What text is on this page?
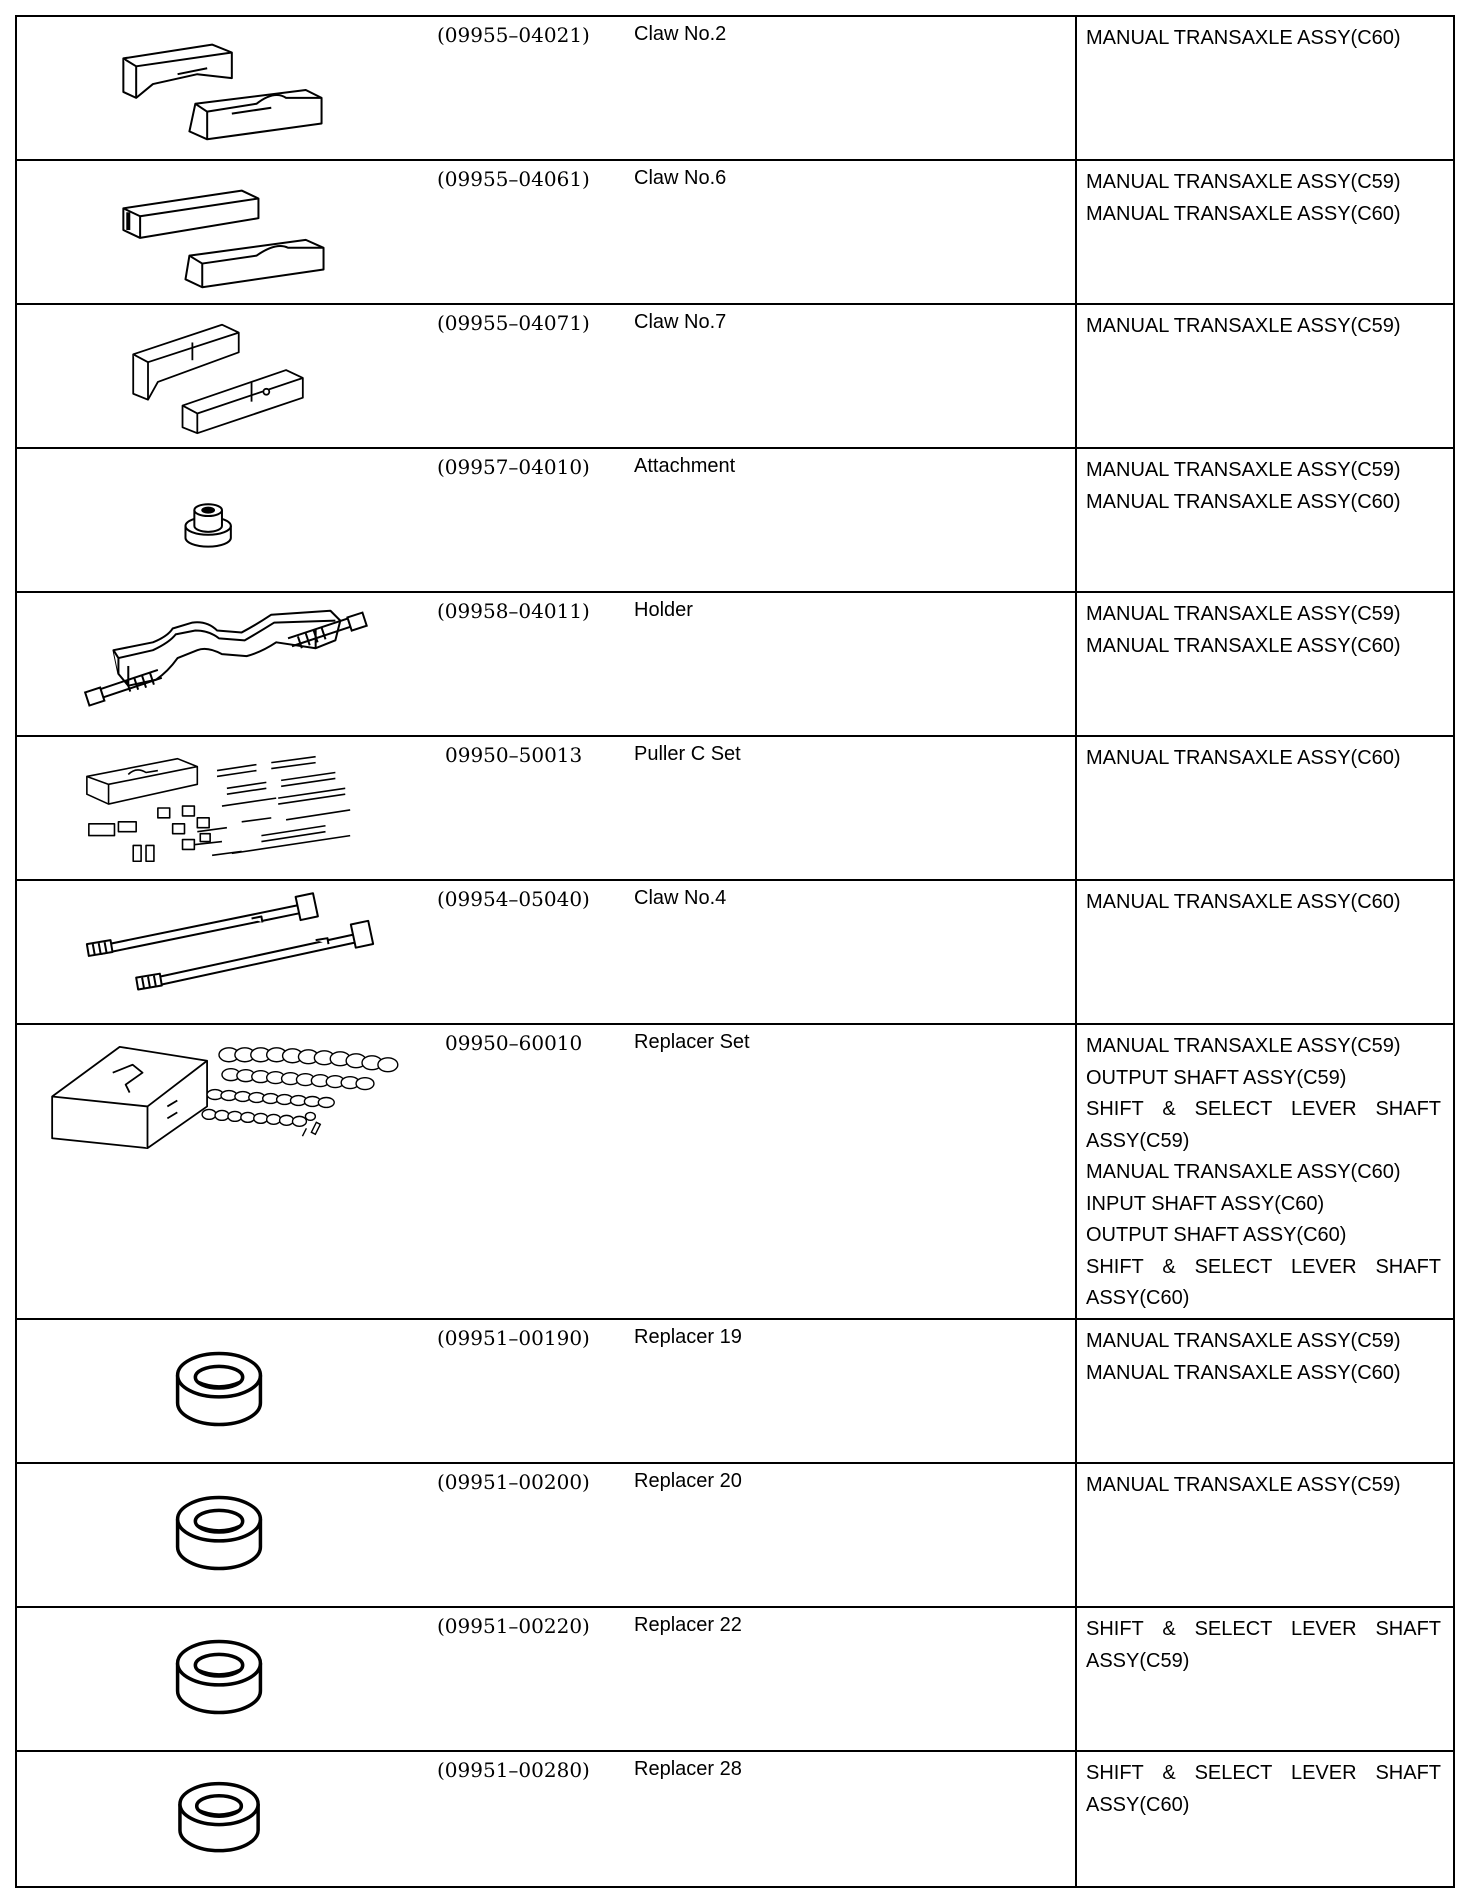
(09955–04021)	Claw No.2	MANUAL TRANSAXLE ASSY(C60)
(09955–04061)	Claw No.6	MANUAL TRANSAXLE ASSY(C59)
MANUAL TRANSAXLE ASSY(C60)
(09955–04071)	Claw No.7	MANUAL TRANSAXLE ASSY(C59)
(09957–04010)	Attachment	MANUAL TRANSAXLE ASSY(C59)
MANUAL TRANSAXLE ASSY(C60)
(09958–04011)	Holder	MANUAL TRANSAXLE ASSY(C59)
MANUAL TRANSAXLE ASSY(C60)
09950–50013	Puller C Set	MANUAL TRANSAXLE ASSY(C60)
(09954–05040)	Claw No.4	MANUAL TRANSAXLE ASSY(C60)
09950–60010	Replacer Set	MANUAL TRANSAXLE ASSY(C59)
OUTPUT SHAFT ASSY(C59)
SHIFT & SELECT LEVER SHAFT
ASSY(C59)
MANUAL TRANSAXLE ASSY(C60)
INPUT SHAFT ASSY(C60)
OUTPUT SHAFT ASSY(C60)
SHIFT & SELECT LEVER SHAFT
ASSY(C60)
(09951–00190)	Replacer 19	MANUAL TRANSAXLE ASSY(C59)
MANUAL TRANSAXLE ASSY(C60)
(09951–00200)	Replacer 20	MANUAL TRANSAXLE ASSY(C59)
(09951–00220)	Replacer 22	SHIFT & SELECT LEVER SHAFT
ASSY(C59)
(09951–00280)	Replacer 28	SHIFT & SELECT LEVER SHAFT
ASSY(C60)
